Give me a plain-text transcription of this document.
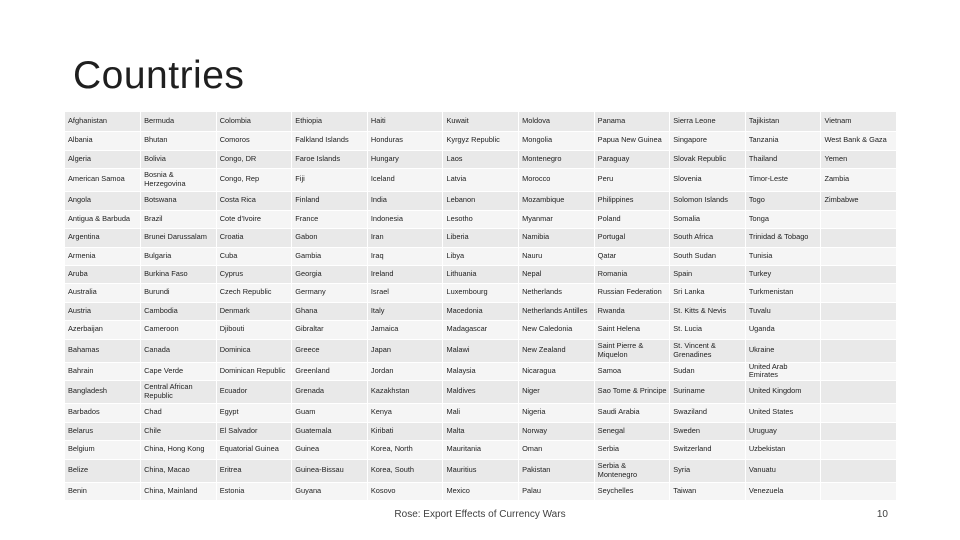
Countries
Afghanistan	Bermuda	Colombia	Ethiopia	Haiti	Kuwait	Moldova	Panama	Sierra Leone	Tajikistan	Vietnam
Albania	Bhutan	Comoros	Falkland Islands	Honduras	Kyrgyz Republic	Mongolia	Papua New Guinea	Singapore	Tanzania	West Bank & Gaza
Algeria	Bolivia	Congo, DR	Faroe Islands	Hungary	Laos	Montenegro	Paraguay	Slovak Republic	Thailand	Yemen
American Samoa	Bosnia & Herzegovina	Congo, Rep	Fiji	Iceland	Latvia	Morocco	Peru	Slovenia	Timor-Leste	Zambia
Angola	Botswana	Costa Rica	Finland	India	Lebanon	Mozambique	Philippines	Solomon Islands	Togo	Zimbabwe
Antigua & Barbuda	Brazil	Cote d'Ivoire	France	Indonesia	Lesotho	Myanmar	Poland	Somalia	Tonga	
Argentina	Brunei Darussalam	Croatia	Gabon	Iran	Liberia	Namibia	Portugal	South Africa	Trinidad & Tobago	
Armenia	Bulgaria	Cuba	Gambia	Iraq	Libya	Nauru	Qatar	South Sudan	Tunisia	
Aruba	Burkina Faso	Cyprus	Georgia	Ireland	Lithuania	Nepal	Romania	Spain	Turkey	
Australia	Burundi	Czech Republic	Germany	Israel	Luxembourg	Netherlands	Russian Federation	Sri Lanka	Turkmenistan	
Austria	Cambodia	Denmark	Ghana	Italy	Macedonia	Netherlands Antilles	Rwanda	St. Kitts & Nevis	Tuvalu	
Azerbaijan	Cameroon	Djibouti	Gibraltar	Jamaica	Madagascar	New Caledonia	Saint Helena	St. Lucia	Uganda	
Bahamas	Canada	Dominica	Greece	Japan	Malawi	New Zealand	Saint Pierre & Miquelon	St. Vincent & Grenadines	Ukraine	
Bahrain	Cape Verde	Dominican Republic	Greenland	Jordan	Malaysia	Nicaragua	Samoa	Sudan	United Arab Emirates	
Bangladesh	Central African Republic	Ecuador	Grenada	Kazakhstan	Maldives	Niger	Sao Tome & Principe	Suriname	United Kingdom	
Barbados	Chad	Egypt	Guam	Kenya	Mali	Nigeria	Saudi Arabia	Swaziland	United States	
Belarus	Chile	El Salvador	Guatemala	Kiribati	Malta	Norway	Senegal	Sweden	Uruguay	
Belgium	China, Hong Kong	Equatorial Guinea	Guinea	Korea, North	Mauritania	Oman	Serbia	Switzerland	Uzbekistan	
Belize	China, Macao	Eritrea	Guinea-Bissau	Korea, South	Mauritius	Pakistan	Serbia & Montenegro	Syria	Vanuatu	
Benin	China, Mainland	Estonia	Guyana	Kosovo	Mexico	Palau	Seychelles	Taiwan	Venezuela	
Rose: Export Effects of Currency Wars	10
